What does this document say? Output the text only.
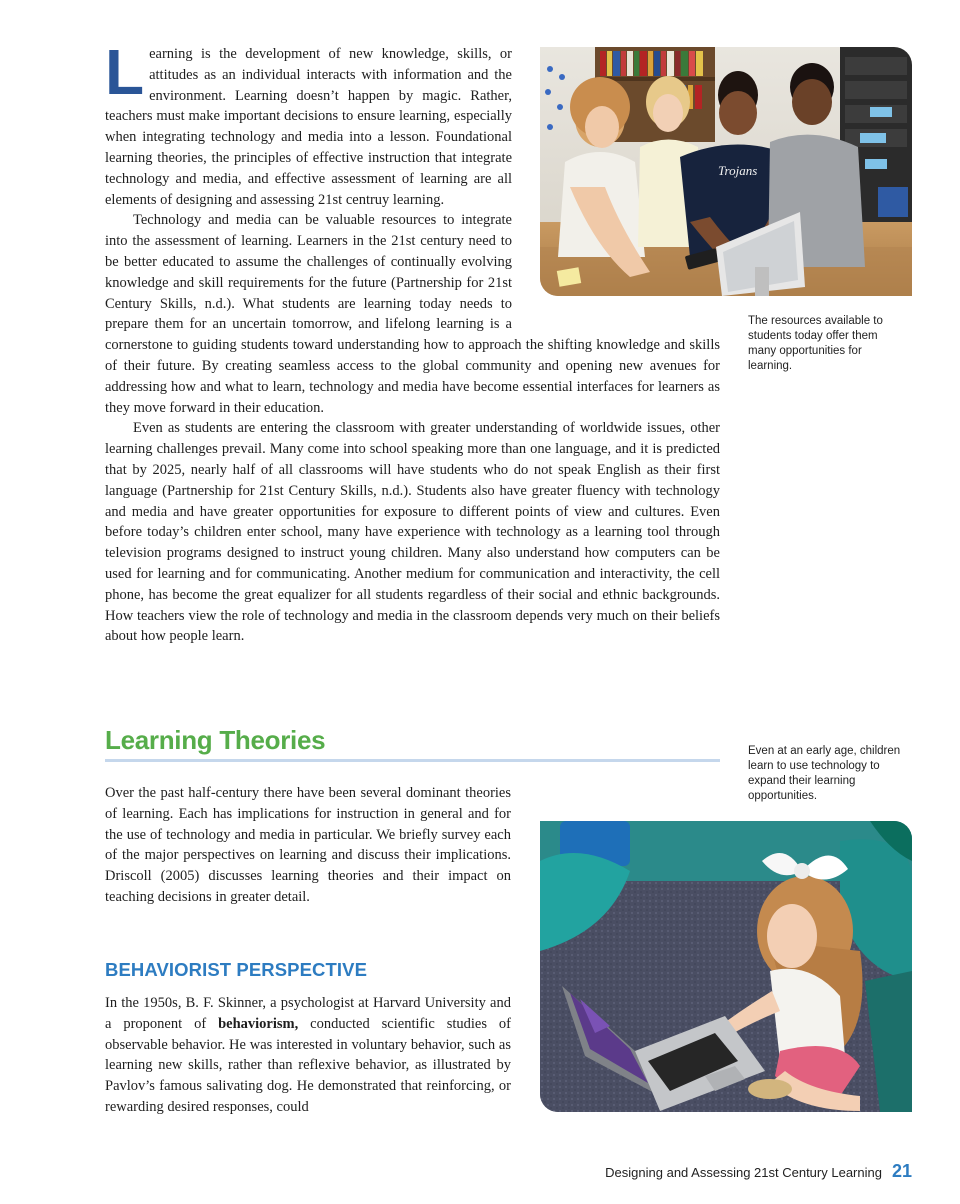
Learning is the development of new knowledge, skills, or attitudes as an individual interacts with information and the environment. Learning doesn’t happen by magic. Rather, teachers must make important decisions to ensure learning, especially when integrating technology and media into a lesson. Foundational learning theories, the principles of effective instruction that integrate technology and media, and effective assessment of learning are all elements of designing and assessing 21st centruy learning.

Technology and media can be valuable resources to integrate into the assessment of learning. Learners in the 21st century need to be better educated to assume the challenges of continually evolving knowledge and skill requirements for the future (Partnership for 21st Century Skills, n.d.). What students are learning today needs to prepare them for an uncertain tomorrow, and lifelong learning is a cornerstone to guiding students toward understanding how to approach the shifting knowledge and skills of their future. By creating seamless access to the global community and opening new avenues for addressing how and what to learn, technology and media have become essential interfaces for learners as they move forward in their education.

Even as students are entering the classroom with greater understanding of worldwide issues, other learning challenges prevail. Many come into school speaking more than one language, and it is predicted that by 2025, nearly half of all classrooms will have students who do not speak English as their first language (Partnership for 21st Century Skills, n.d.). Students also have greater fluency with technology and media and have greater opportunities for exposure to different points of view and cultures. Even before today’s children enter school, many have experience with technology as a learning tool through television programs designed to instruct young children. Many also understand how computers can be used for learning and for communicating. Another medium for communication and interactivity, the cell phone, has become the great equalizer for all students regardless of their social and ethnic backgrounds. How teachers view the role of technology and media in the classroom depends very much on their beliefs about how people learn.

Trojans
The resources available to students today offer them many opportunities for learning.
Learning Theories	Even at an early age, children learn to use technology to expand their learning opportunities.

Over the past half-century there have been several dominant theories of learning. Each has implications for instruction in general and for the use of technology and media in particular. We briefly survey each of the major perspectives on learning and discuss their implications. Driscoll (2005) discusses learning theories and their impact on teaching decisions in greater detail.

BEHAVIORIST PERSPECTIVE

In the 1950s, B. F. Skinner, a psychologist at Harvard University and a proponent of behaviorism, conducted scientific studies of observable behavior. He was interested in voluntary behavior, such as learning new skills, rather than reflexive behavior, as illustrated by Pavlov’s famous salivating dog. He demonstrated that reinforcing, or rewarding desired responses, could

Designing and Assessing 21st Century Learning 21
